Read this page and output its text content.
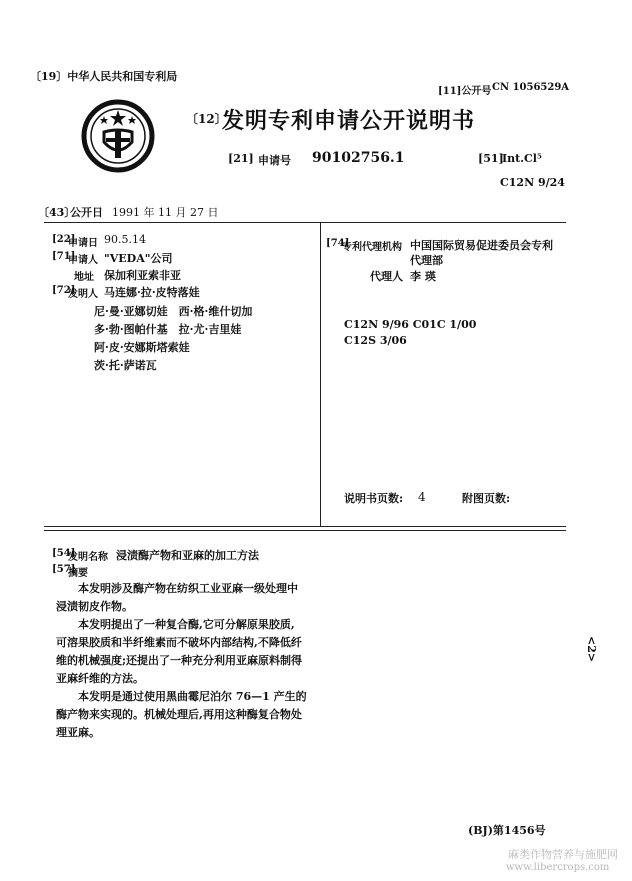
〔19〕中华人民共和国专利局
[11]公开号 CN 1056529A
〔12〕
发明专利申请公开说明书
[21] 申请号 90102756.1	[51]
Int.Cl⁵
C12N 9/24
〔43〕
公开日 1991 年 11 月 27 日
[22]
申请日 90.5.14
[71]
申请人 "VEDA"公司
地址 保加利亚索非亚
[72]
发明人 马连娜·拉·皮特落娃
尼·曼·亚娜切娃　西·格·维什切加
多·勃·图帕什基　拉·尤·吉里娃
阿·皮·安娜斯塔索娃
茨·托·萨诺瓦
[74]
专利代理机构 中国国际贸易促进委员会专利
代理部
代理人 李 瑛
C12N 9/96 C01C 1/00
C12S 3/06
说明书页数: 4	附图页数:
[54]
发明名称 浸渍酶产物和亚麻的加工方法
[57]
摘要
　　本发明涉及酶产物在纺织工业亚麻一级处理中
浸渍韧皮作物。
　　本发明提出了一种复合酶,它可分解原果胶质,
可溶果胶质和半纤维素而不破坏内部结构,不降低纤
维的机械强度;还提出了一种充分利用亚麻原料制得
亚麻纤维的方法。
　　本发明是通过使用黑曲霉尼泊尔 76—1 产生的
酶产物来实现的。机械处理后,再用这种酶复合物处
理亚麻。
<2>
(BJ)第1456号
麻类作物营养与施肥网
www.libercrops.com
